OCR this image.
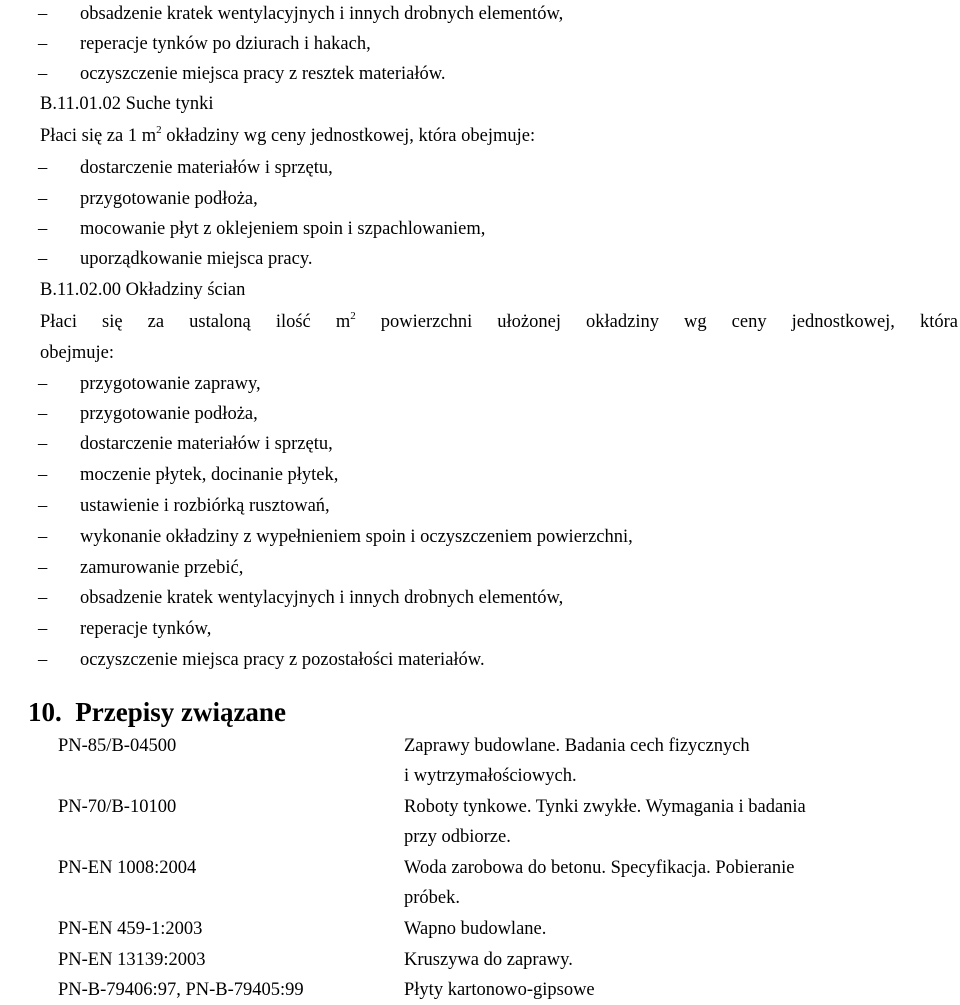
– obsadzenie kratek wentylacyjnych i innych drobnych elementów,
– reperacje tynków po dziurach i hakach,
– oczyszczenie miejsca pracy z resztek materiałów.
B.11.01.02 Suche tynki
Płaci się za 1 $m^2$ okładziny wg ceny jednostkowej, która obejmuje:
– dostarczenie materiałów i sprzętu,
– przygotowanie podłoża,
– mocowanie płyt z oklejeniem spoin i szpachlowaniem,
– uporządkowanie miejsca pracy.
B.11.02.00 Okładziny ścian
Płaci się za ustaloną ilość $m^2$ powierzchni ułożonej okładziny wg ceny jednostkowej, która
obejmuje:
– przygotowanie zaprawy,
– przygotowanie podłoża,
– dostarczenie materiałów i sprzętu,
– moczenie płytek, docinanie płytek,
– ustawienie i rozbiórką rusztowań,
– wykonanie okładziny z wypełnieniem spoin i oczyszczeniem powierzchni,
– zamurowanie przebić,
– obsadzenie kratek wentylacyjnych i innych drobnych elementów,
– reperacje tynków,
– oczyszczenie miejsca pracy z pozostałości materiałów.
10. Przepisy związane
PN-85/B-04500	Zaprawy budowlane. Badania cech fizycznych
i wytrzymałościowych.
PN-70/B-10100	Roboty tynkowe. Tynki zwykłe. Wymagania i badania
przy odbiorze.
PN-EN 1008:2004	Woda zarobowa do betonu. Specyfikacja. Pobieranie
próbek.
PN-EN 459-1:2003	Wapno budowlane.
PN-EN 13139:2003	Kruszywa do zaprawy.
PN-B-79406:97, PN-B-79405:99	Płyty kartonowo-gipsowe
